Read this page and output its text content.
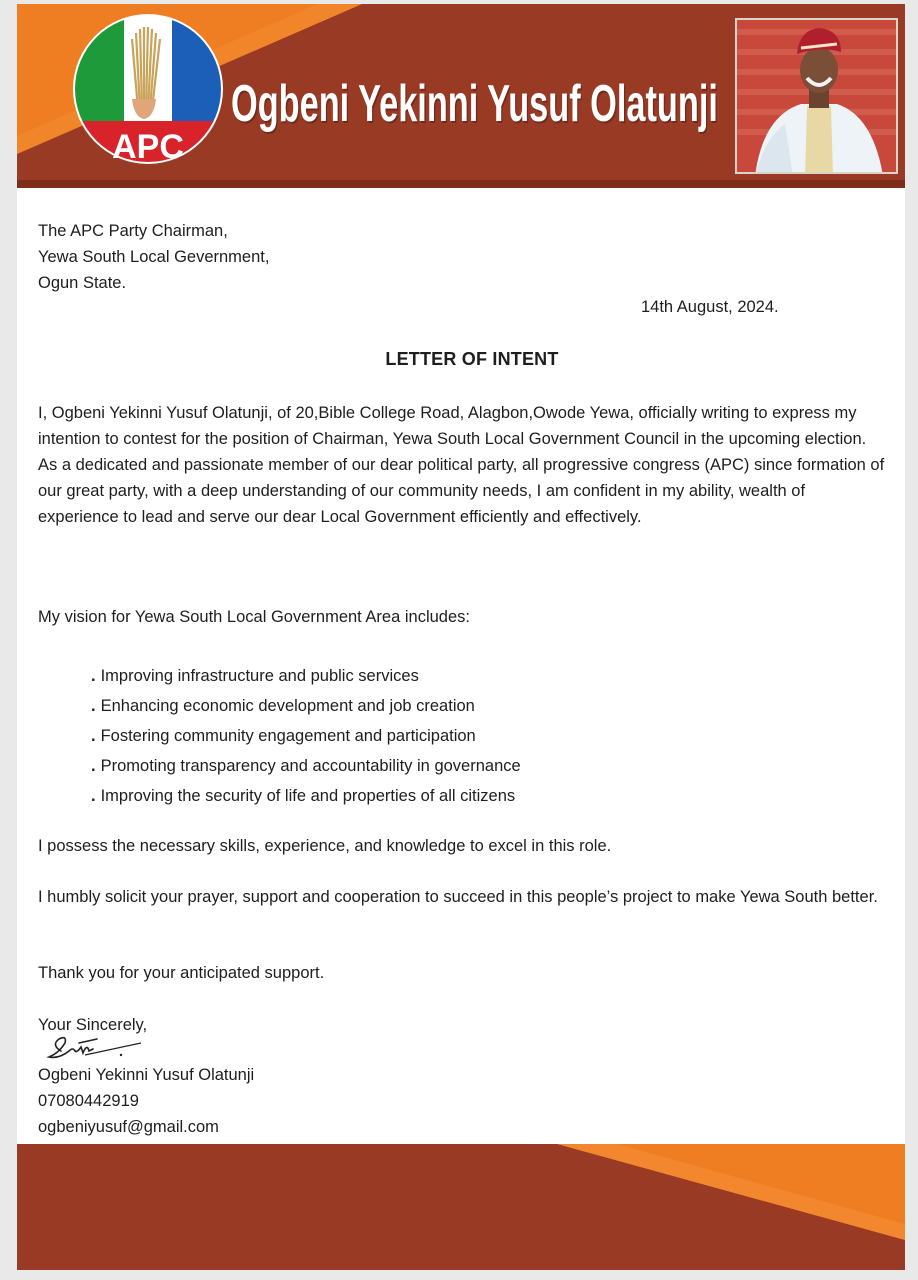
APC
Ogbeni Yekinni Yusuf Olatunji
The APC Party Chairman,
Yewa South Local Gevernment,
Ogun State.
14th August, 2024.
LETTER OF INTENT
I, Ogbeni Yekinni Yusuf Olatunji, of 20,Bible College Road, Alagbon,Owode Yewa, officially writing to express my intention to contest for the position of Chairman, Yewa South Local Government Council in the upcoming election. As a dedicated and passionate member of our dear political party, all progressive congress (APC) since formation of our great party, with a deep understanding of our community needs, I am confident in my ability, wealth of experience to lead and serve our dear Local Government efficiently and effectively.
My vision for Yewa South Local Government Area includes:
. Improving infrastructure and public services
. Enhancing economic development and job creation
. Fostering community engagement and participation
. Promoting transparency and accountability in governance
. Improving the security of life and properties of all citizens
I possess the necessary skills, experience, and knowledge to excel in this role.
I humbly solicit your prayer, support and cooperation to succeed in this people’s project to make Yewa South better.
Thank you for your anticipated support.
Your Sincerely,
Ogbeni Yekinni Yusuf Olatunji
07080442919
ogbeniyusuf@gmail.com
